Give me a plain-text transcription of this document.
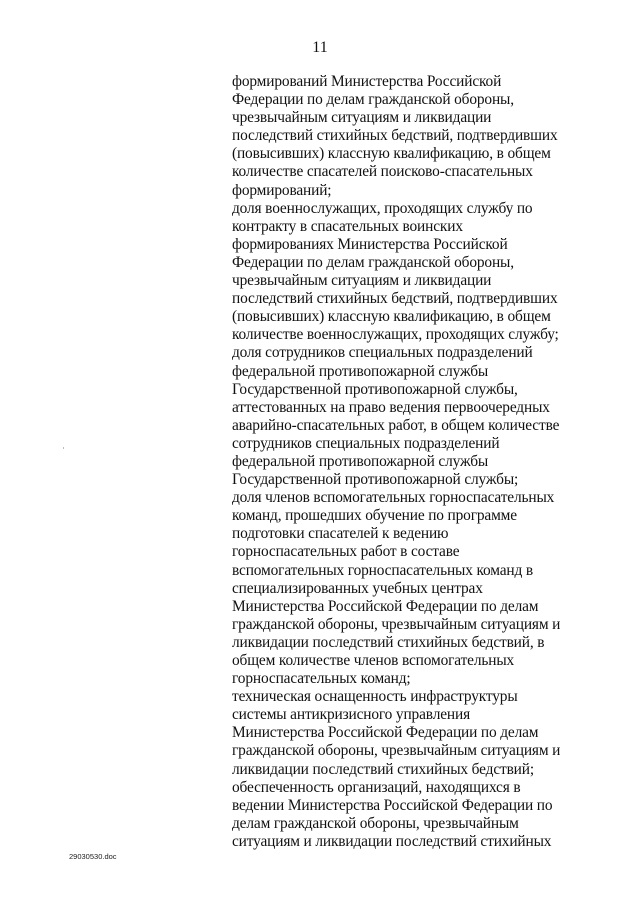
11
формирований Министерства Российской
Федерации по делам гражданской обороны,
чрезвычайным ситуациям и ликвидации
последствий стихийных бедствий, подтвердивших
(повысивших) классную квалификацию, в общем
количестве спасателей поисково-спасательных
формирований;
доля военнослужащих, проходящих службу по
контракту в спасательных воинских
формированиях Министерства Российской
Федерации по делам гражданской обороны,
чрезвычайным ситуациям и ликвидации
последствий стихийных бедствий, подтвердивших
(повысивших) классную квалификацию, в общем
количестве военнослужащих, проходящих службу;
доля сотрудников специальных подразделений
федеральной противопожарной службы
Государственной противопожарной службы,
аттестованных на право ведения первоочередных
аварийно-спасательных работ, в общем количестве
сотрудников специальных подразделений
федеральной противопожарной службы
Государственной противопожарной службы;
доля членов вспомогательных горноспасательных
команд, прошедших обучение по программе
подготовки спасателей к ведению
горноспасательных работ в составе
вспомогательных горноспасательных команд в
специализированных учебных центрах
Министерства Российской Федерации по делам
гражданской обороны, чрезвычайным ситуациям и
ликвидации последствий стихийных бедствий, в
общем количестве членов вспомогательных
горноспасательных команд;
техническая оснащенность инфраструктуры
системы антикризисного управления
Министерства Российской Федерации по делам
гражданской обороны, чрезвычайным ситуациям и
ликвидации последствий стихийных бедствий;
обеспеченность организаций, находящихся в
ведении Министерства Российской Федерации по
делам гражданской обороны, чрезвычайным
ситуациям и ликвидации последствий стихийных
29030530.doc
